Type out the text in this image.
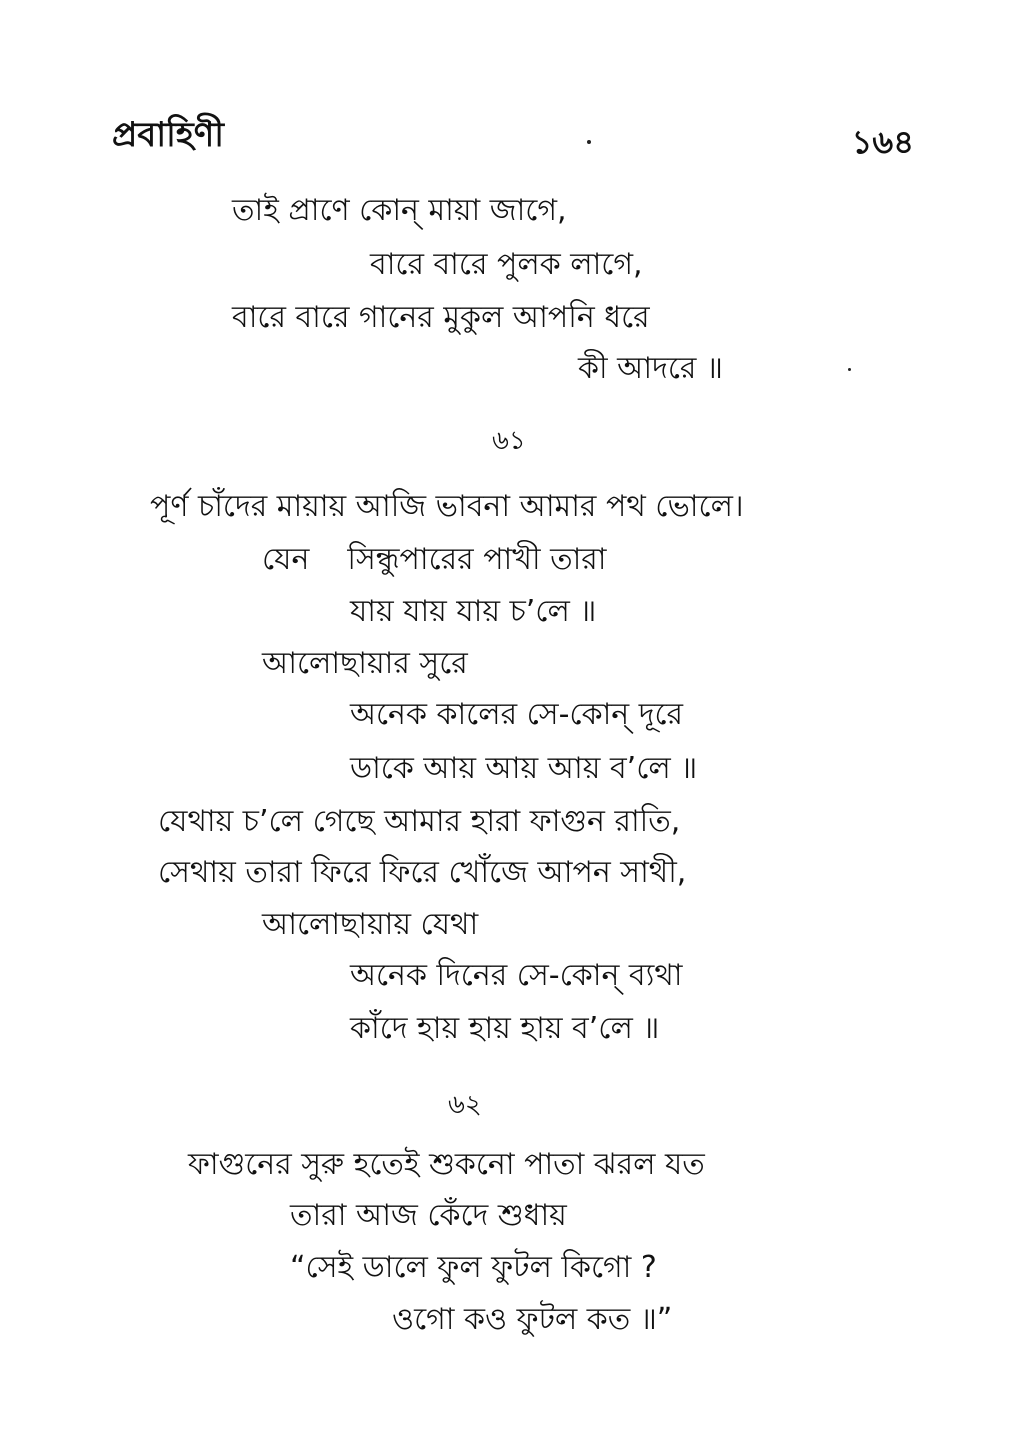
প্রবাহিণী	১৬৪
তাই প্রাণে কোন্ মায়া জাগে,
বারে বারে পুলক লাগে,
বারে বারে গানের মুকুল আপনি ধরে
কী আদরে ॥
৬১
পূর্ণ চাঁদের মায়ায় আজি ভাবনা আমার পথ ভোলে।
যেন সিন্ধুপারের পাখী তারা
যায় যায় যায় চ’লে ॥
আলোছায়ার সুরে
অনেক কালের সে-কোন্ দূরে
ডাকে আয় আয় আয় ব’লে ॥
যেথায় চ’লে গেছে আমার হারা ফাগুন রাতি,
সেথায় তারা ফিরে ফিরে খোঁজে আপন সাথী,
আলোছায়ায় যেথা
অনেক দিনের সে-কোন্ ব্যথা
কাঁদে হায় হায় হায় ব’লে ॥
৬২
ফাগুনের সুরু হতেই শুকনো পাতা ঝরল যত
তারা আজ কেঁদে শুধায়
“সেই ডালে ফুল ফুটল কিগো ?
ওগো কও ফুটল কত ॥”
